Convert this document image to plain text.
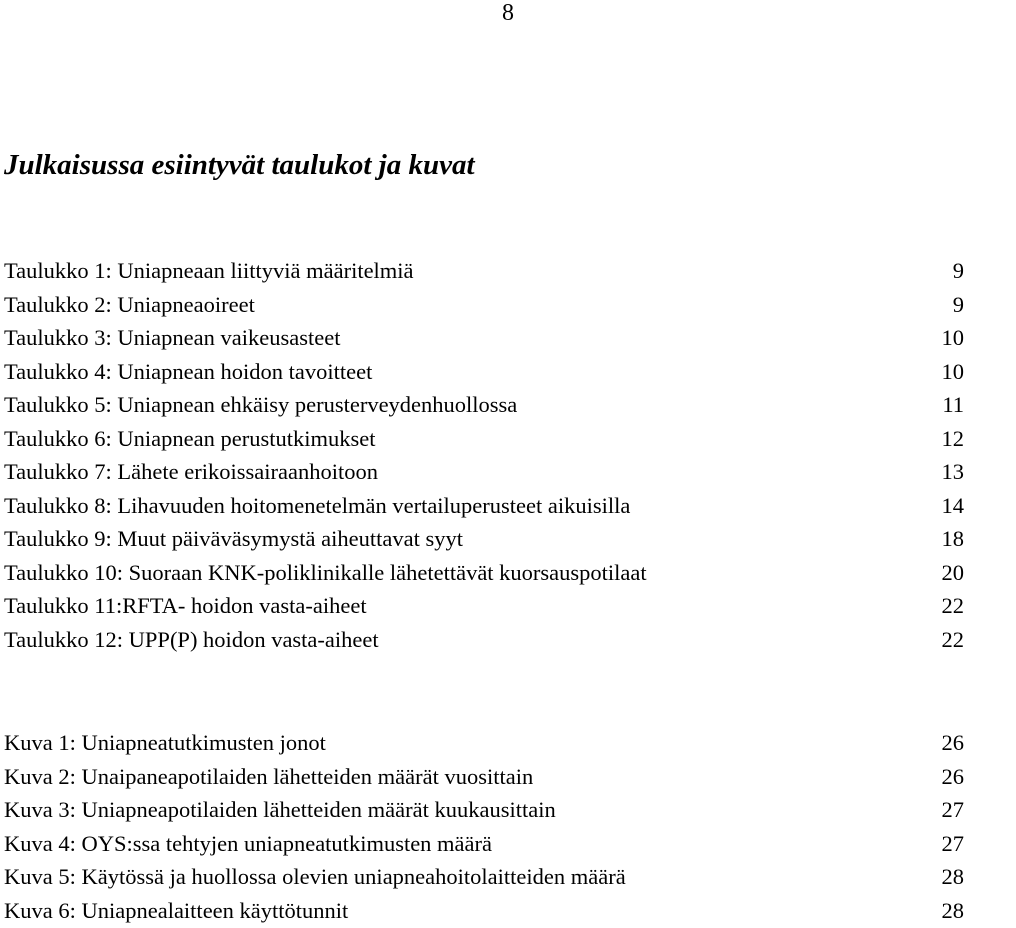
8
Julkaisussa esiintyvät taulukot ja kuvat
Taulukko 1: Uniapneaan liittyviä määritelmiä	9
Taulukko 2: Uniapneaoireet	9
Taulukko 3: Uniapnean vaikeusasteet	10
Taulukko 4: Uniapnean hoidon tavoitteet	10
Taulukko 5: Uniapnean ehkäisy perusterveydenhuollossa	11
Taulukko 6: Uniapnean perustutkimukset	12
Taulukko 7: Lähete erikoissairaanhoitoon	13
Taulukko 8: Lihavuuden hoitomenetelmän vertailuperusteet aikuisilla	14
Taulukko 9: Muut päiväväsymystä aiheuttavat syyt	18
Taulukko 10: Suoraan KNK-poliklinikalle lähetettävät kuorsauspotilaat	20
Taulukko 11:RFTA- hoidon vasta-aiheet	22
Taulukko 12: UPP(P) hoidon vasta-aiheet	22
Kuva 1: Uniapneatutkimusten jonot	26
Kuva 2: Unaipaneapotilaiden lähetteiden määrät vuosittain	26
Kuva 3: Uniapneapotilaiden lähetteiden määrät kuukausittain	27
Kuva 4: OYS:ssa tehtyjen uniapneatutkimusten määrä	27
Kuva 5: Käytössä ja huollossa olevien uniapneahoitolaitteiden määrä	28
Kuva 6: Uniapnealaitteen käyttötunnit	28
